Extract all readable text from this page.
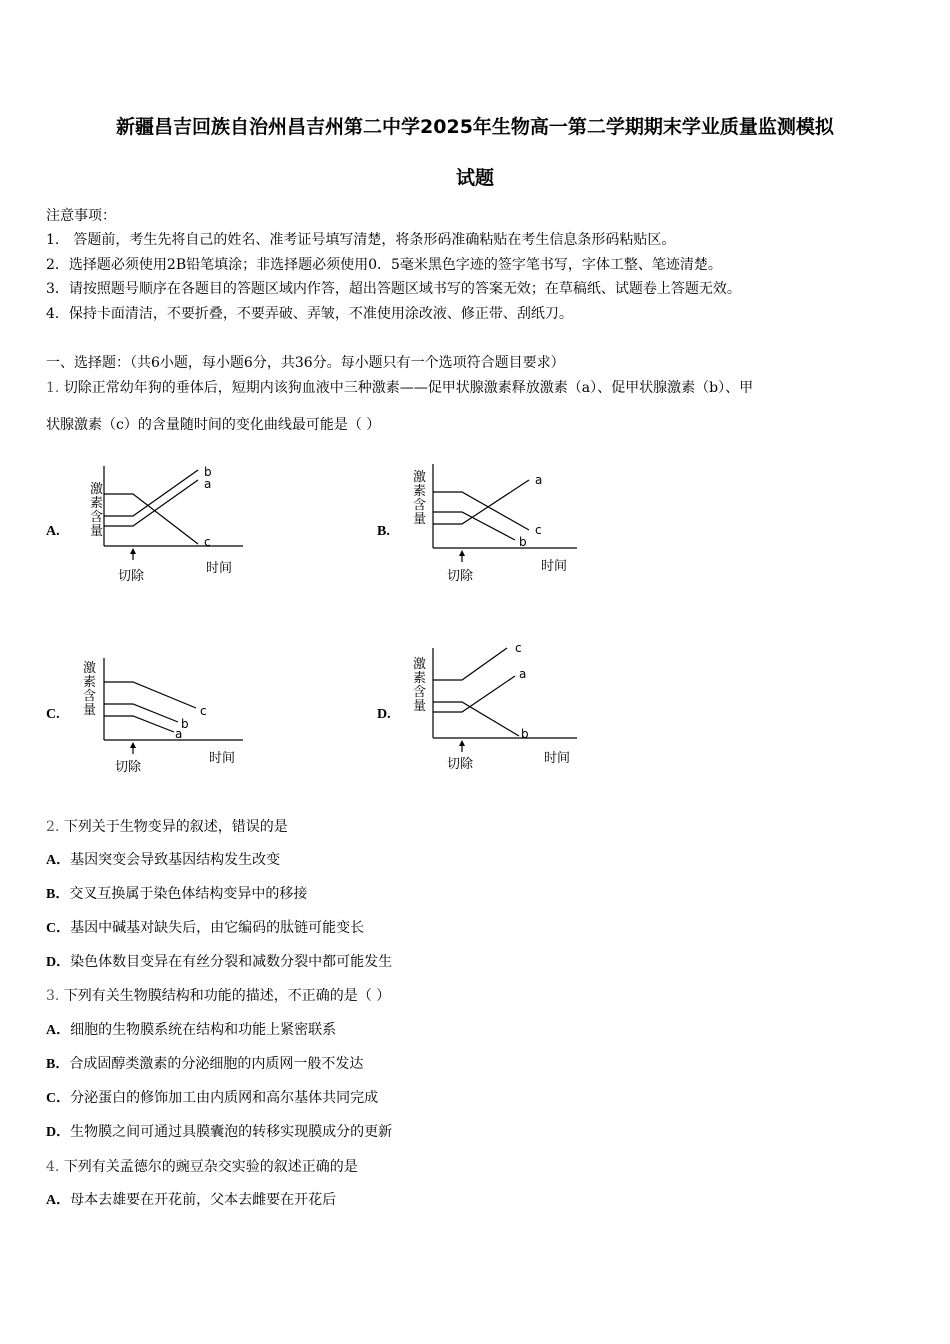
新疆昌吉回族自治州昌吉州第二中学2025年生物高一第二学期期末学业质量监测模拟
试题
注意事项：
1.　答题前，考生先将自己的姓名、准考证号填写清楚，将条形码准确粘贴在考生信息条形码粘贴区。
2．选择题必须使用2B铅笔填涂；非选择题必须使用0．5毫米黑色字迹的签字笔书写，字体工整、笔迹清楚。
3．请按照题号顺序在各题目的答题区域内作答，超出答题区域书写的答案无效；在草稿纸、试题卷上答题无效。
4．保持卡面清洁，不要折叠，不要弄破、弄皱，不准使用涂改液、修正带、刮纸刀。
一、选择题：（共6小题，每小题6分，共36分。每小题只有一个选项符合题目要求）
1. 切除正常幼年狗的垂体后，短期内该狗血液中三种激素——促甲状腺激素释放激素（a）、促甲状腺激素（b）、甲
状腺激素（c）的含量随时间的变化曲线最可能是（ ）
A.
激
素
含
量
b
a
c
切除
时间
B.
激
素
含
量
a
c
b
切除
时间
C.
激
素
含
量	c
b
a
切除
时间
D.
激
素
含
量
c
a
b
切除	时间
2. 下列关于生物变异的叙述，错误的是
A．基因突变会导致基因结构发生改变
B．交叉互换属于染色体结构变异中的移接
C．基因中碱基对缺失后，由它编码的肽链可能变长
D．染色体数目变异在有丝分裂和减数分裂中都可能发生
3. 下列有关生物膜结构和功能的描述，不正确的是（ ）
A．细胞的生物膜系统在结构和功能上紧密联系
B．合成固醇类激素的分泌细胞的内质网一般不发达
C．分泌蛋白的修饰加工由内质网和高尔基体共同完成
D．生物膜之间可通过具膜囊泡的转移实现膜成分的更新
4. 下列有关孟德尔的豌豆杂交实验的叙述正确的是
A．母本去雄要在开花前，父本去雌要在开花后
